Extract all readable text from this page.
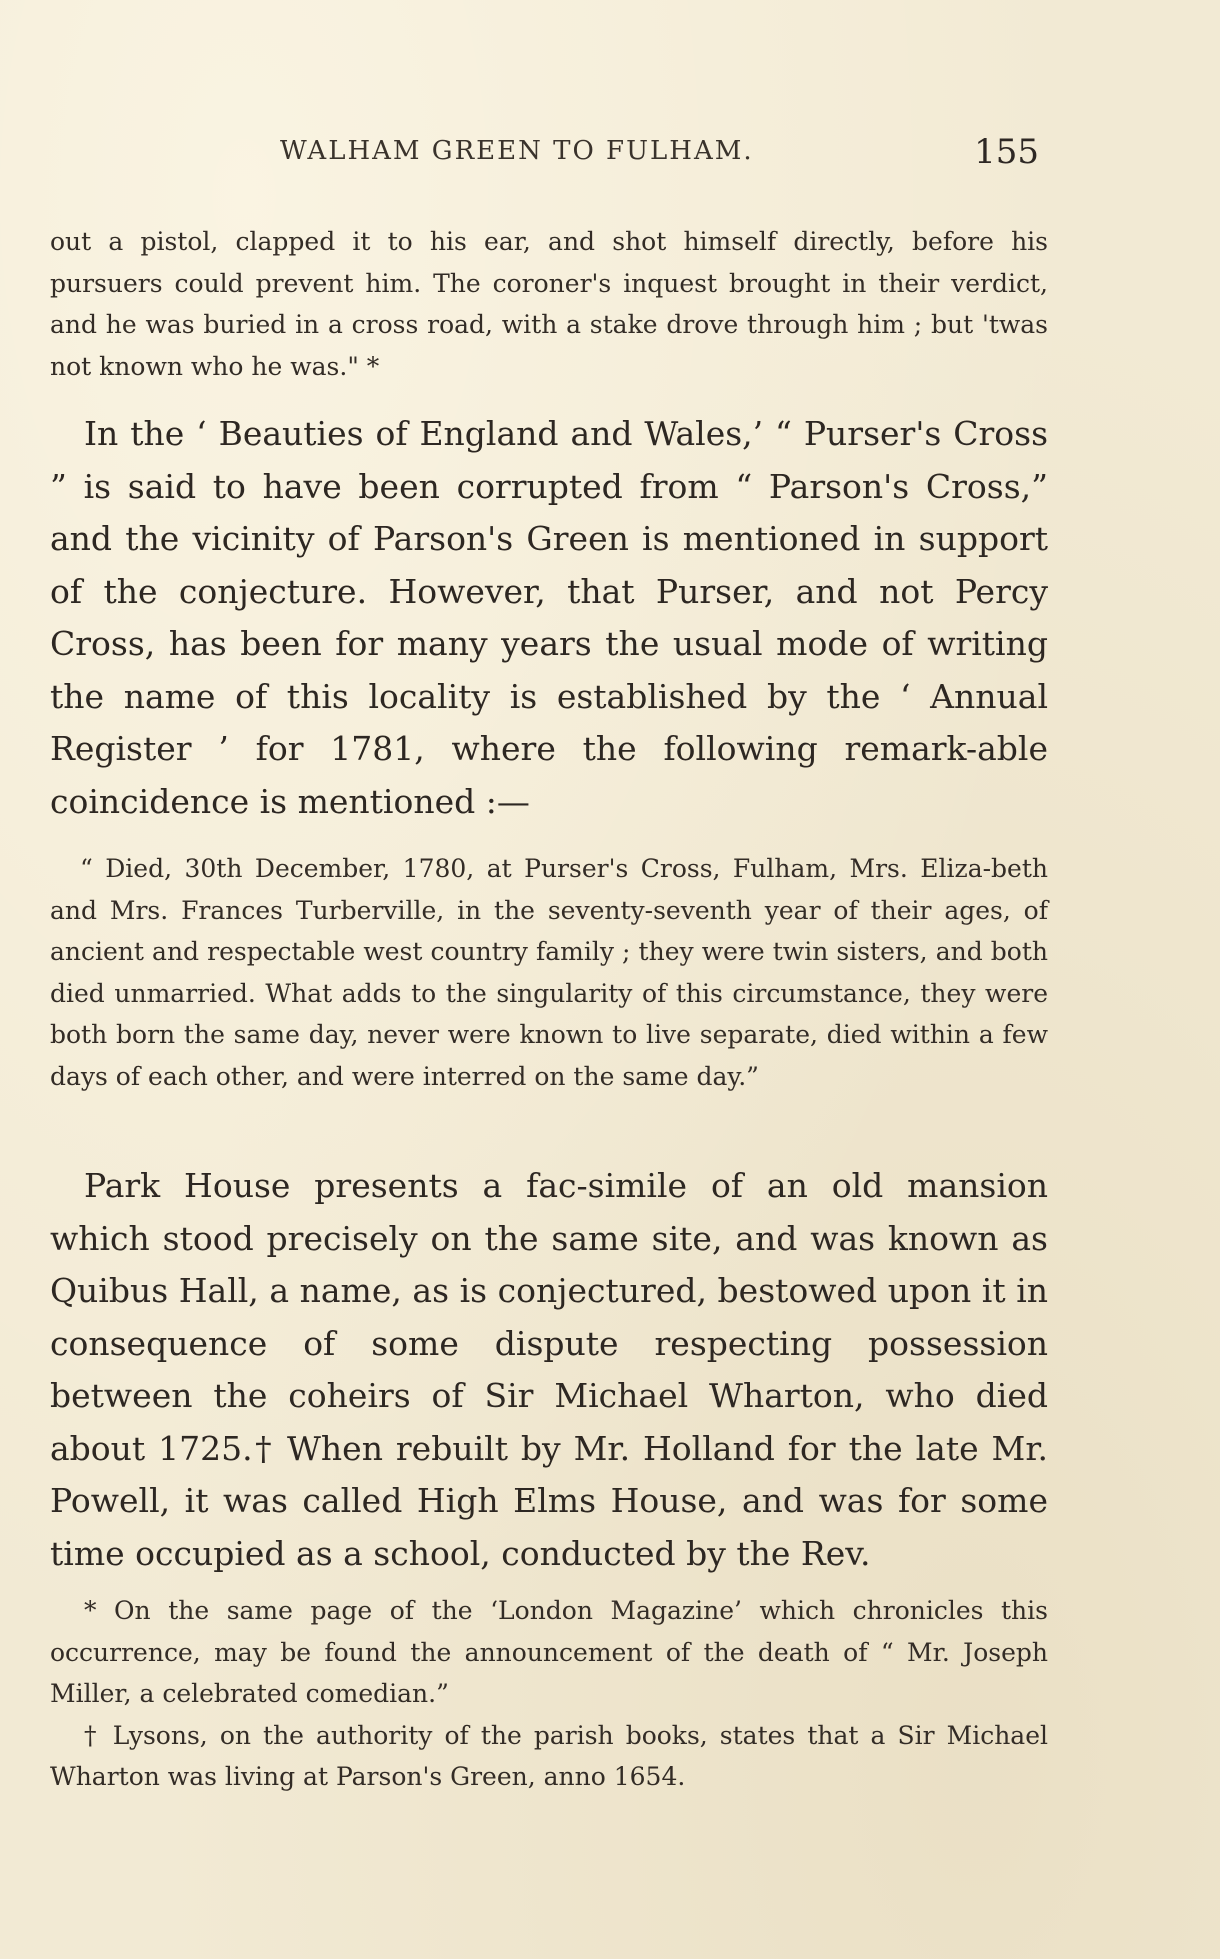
WALHAM GREEN TO FULHAM.	155

out a pistol, clapped it to his ear, and shot himself directly, before his pursuers could prevent him. The coroner's inquest brought in their verdict, and he was buried in a cross road, with a stake drove through him ; but 'twas not known who he was." *

In the ‘ Beauties of England and Wales,’ “ Purser's Cross ” is said to have been corrupted from “ Parson's Cross,” and the vicinity of Parson's Green is mentioned in support of the conjecture. However, that Purser, and not Percy Cross, has been for many years the usual mode of writing the name of this locality is established by the ‘ Annual Register ’ for 1781, where the following remark-able coincidence is mentioned :—

“ Died, 30th December, 1780, at Purser's Cross, Fulham, Mrs. Eliza-beth and Mrs. Frances Turberville, in the seventy-seventh year of their ages, of ancient and respectable west country family ; they were twin sisters, and both died unmarried. What adds to the singularity of this circumstance, they were both born the same day, never were known to live separate, died within a few days of each other, and were interred on the same day.”

Park House presents a fac-simile of an old mansion which stood precisely on the same site, and was known as Quibus Hall, a name, as is conjectured, bestowed upon it in consequence of some dispute respecting possession between the coheirs of Sir Michael Wharton, who died about 1725.† When rebuilt by Mr. Holland for the late Mr. Powell, it was called High Elms House, and was for some time occupied as a school, conducted by the Rev.

* On the same page of the ‘London Magazine’ which chronicles this occurrence, may be found the announcement of the death of “ Mr. Joseph Miller, a celebrated comedian.”

† Lysons, on the authority of the parish books, states that a Sir Michael Wharton was living at Parson's Green, anno 1654.
